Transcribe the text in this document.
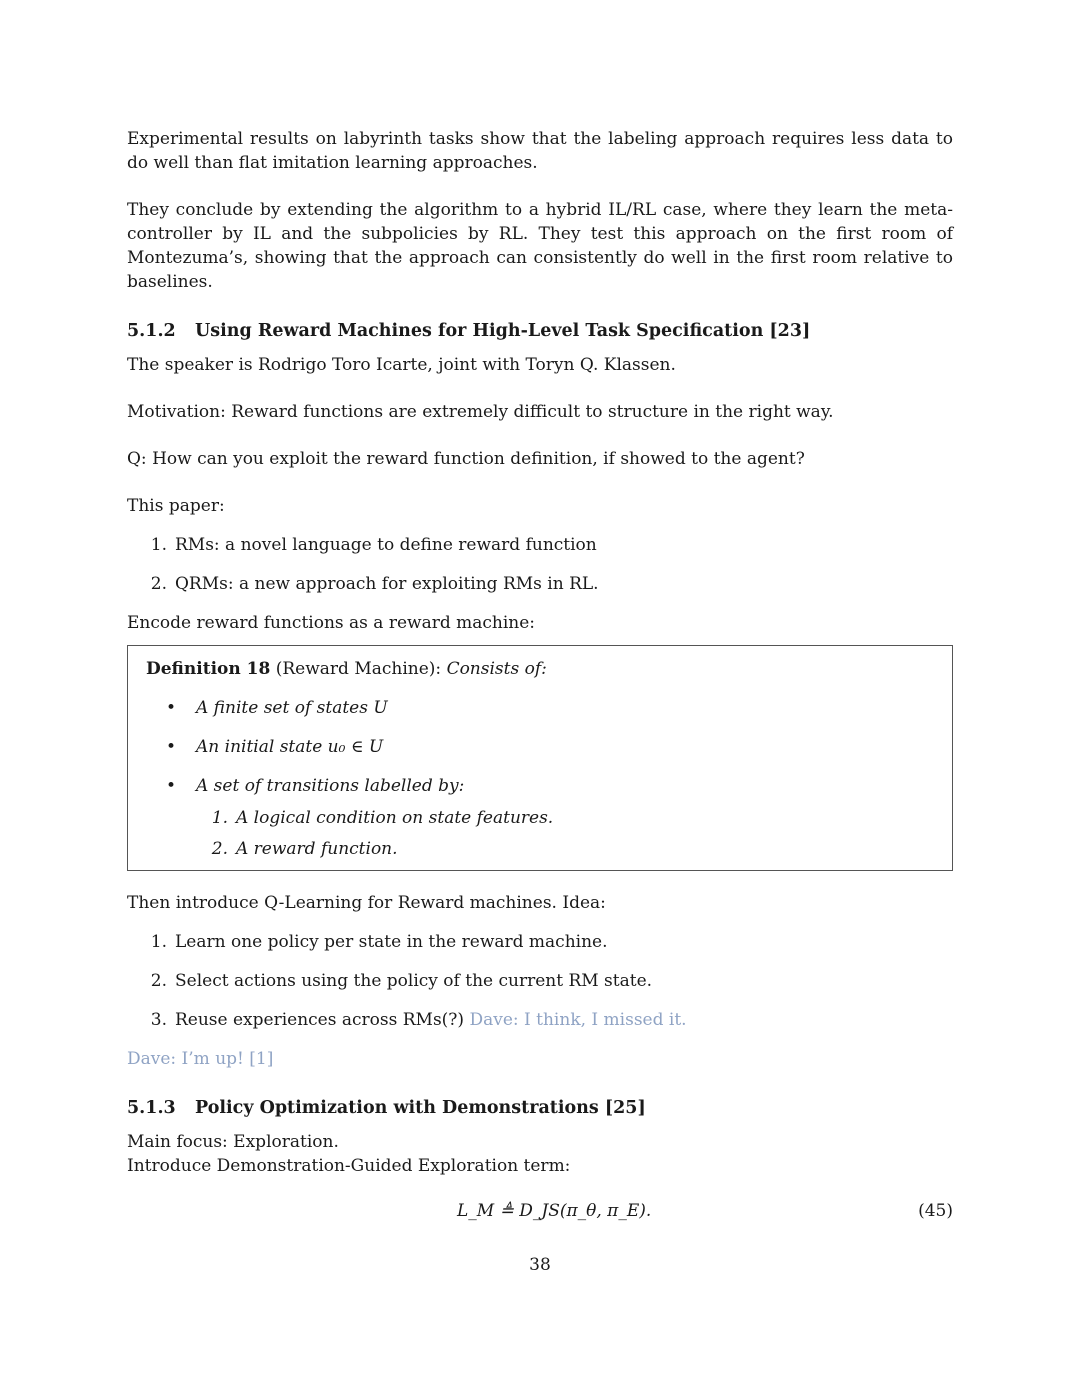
Experimental results on labyrinth tasks show that the labeling approach requires less data to do well than flat imitation learning approaches.

They conclude by extending the algorithm to a hybrid IL/RL case, where they learn the meta-controller by IL and the subpolicies by RL. They test this approach on the first room of Montezuma’s, showing that the approach can consistently do well in the first room relative to baselines.

5.1.2	Using Reward Machines for High-Level Task Specification [23]

The speaker is Rodrigo Toro Icarte, joint with Toryn Q. Klassen.

Motivation: Reward functions are extremely difficult to structure in the right way.

Q: How can you exploit the reward function definition, if showed to the agent?

This paper:

1. RMs: a novel language to define reward function
2. QRMs: a new approach for exploiting RMs in RL.

Encode reward functions as a reward machine:

Definition 18 (Reward Machine): Consists of:
•	A finite set of states U
•	An initial state u₀ ∈ U
•	A set of transitions labelled by:
1. A logical condition on state features.
2. A reward function.

Then introduce Q-Learning for Reward machines. Idea:

1. Learn one policy per state in the reward machine.
2. Select actions using the policy of the current RM state.
3. Reuse experiences across RMs(?) Dave: I think, I missed it.

Dave: I’m up! [1]

5.1.3	Policy Optimization with Demonstrations [25]

Main focus: Exploration.

Introduce Demonstration-Guided Exploration term:

L_M ≜ D_JS(π_θ, π_E).	(45)
38
